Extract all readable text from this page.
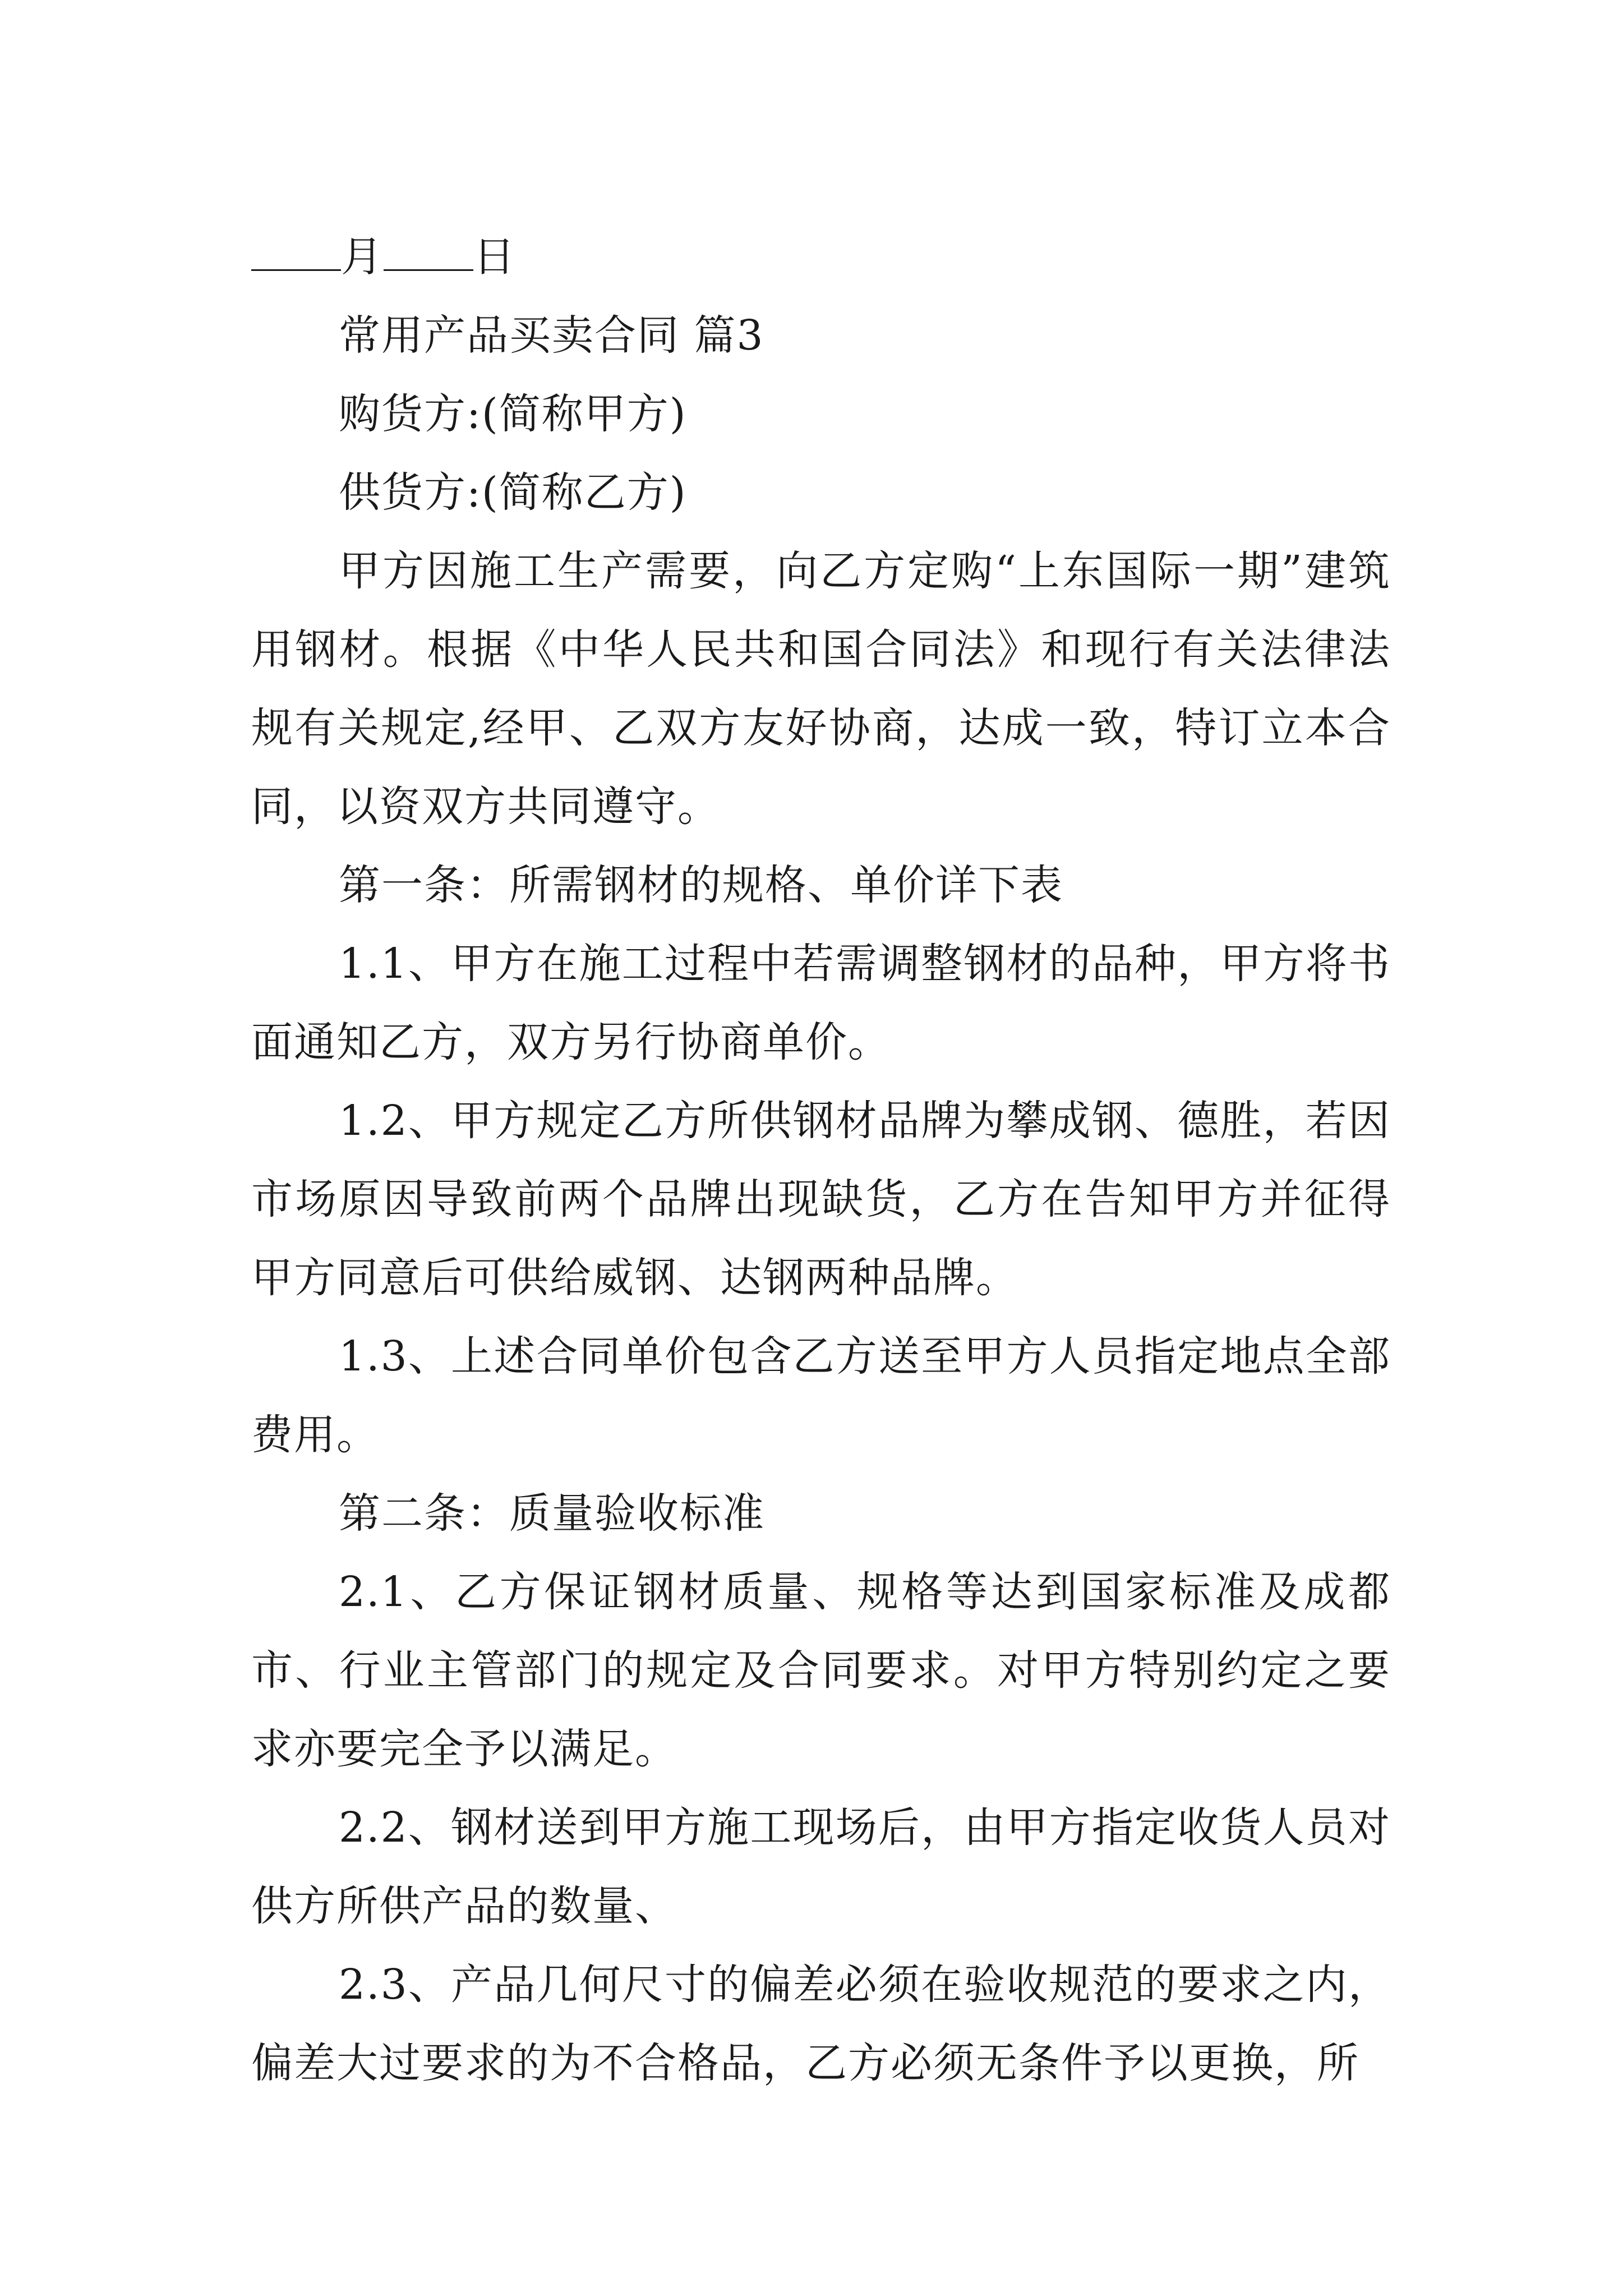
月 日

常用产品买卖合同 篇3

购货方:(简称甲方)

供货方:(简称乙方)

甲方因施工生产需要，向乙方定购“上东国际一期”建筑用钢材。根据《中华人民共和国合同法》和现行有关法律法规有关规定,经甲、乙双方友好协商，达成一致，特订立本合同，以资双方共同遵守。

第一条：所需钢材的规格、单价详下表

1.1、甲方在施工过程中若需调整钢材的品种，甲方将书面通知乙方，双方另行协商单价。

1.2、甲方规定乙方所供钢材品牌为攀成钢、德胜，若因市场原因导致前两个品牌出现缺货，乙方在告知甲方并征得甲方同意后可供给威钢、达钢两种品牌。

1.3、上述合同单价包含乙方送至甲方人员指定地点全部费用。

第二条：质量验收标准

2.1、乙方保证钢材质量、规格等达到国家标准及成都市、行业主管部门的规定及合同要求。对甲方特别约定之要求亦要完全予以满足。

2.2、钢材送到甲方施工现场后，由甲方指定收货人员对供方所供产品的数量、

2.3、产品几何尺寸的偏差必须在验收规范的要求之内，偏差大过要求的为不合格品，乙方必须无条件予以更换，所
